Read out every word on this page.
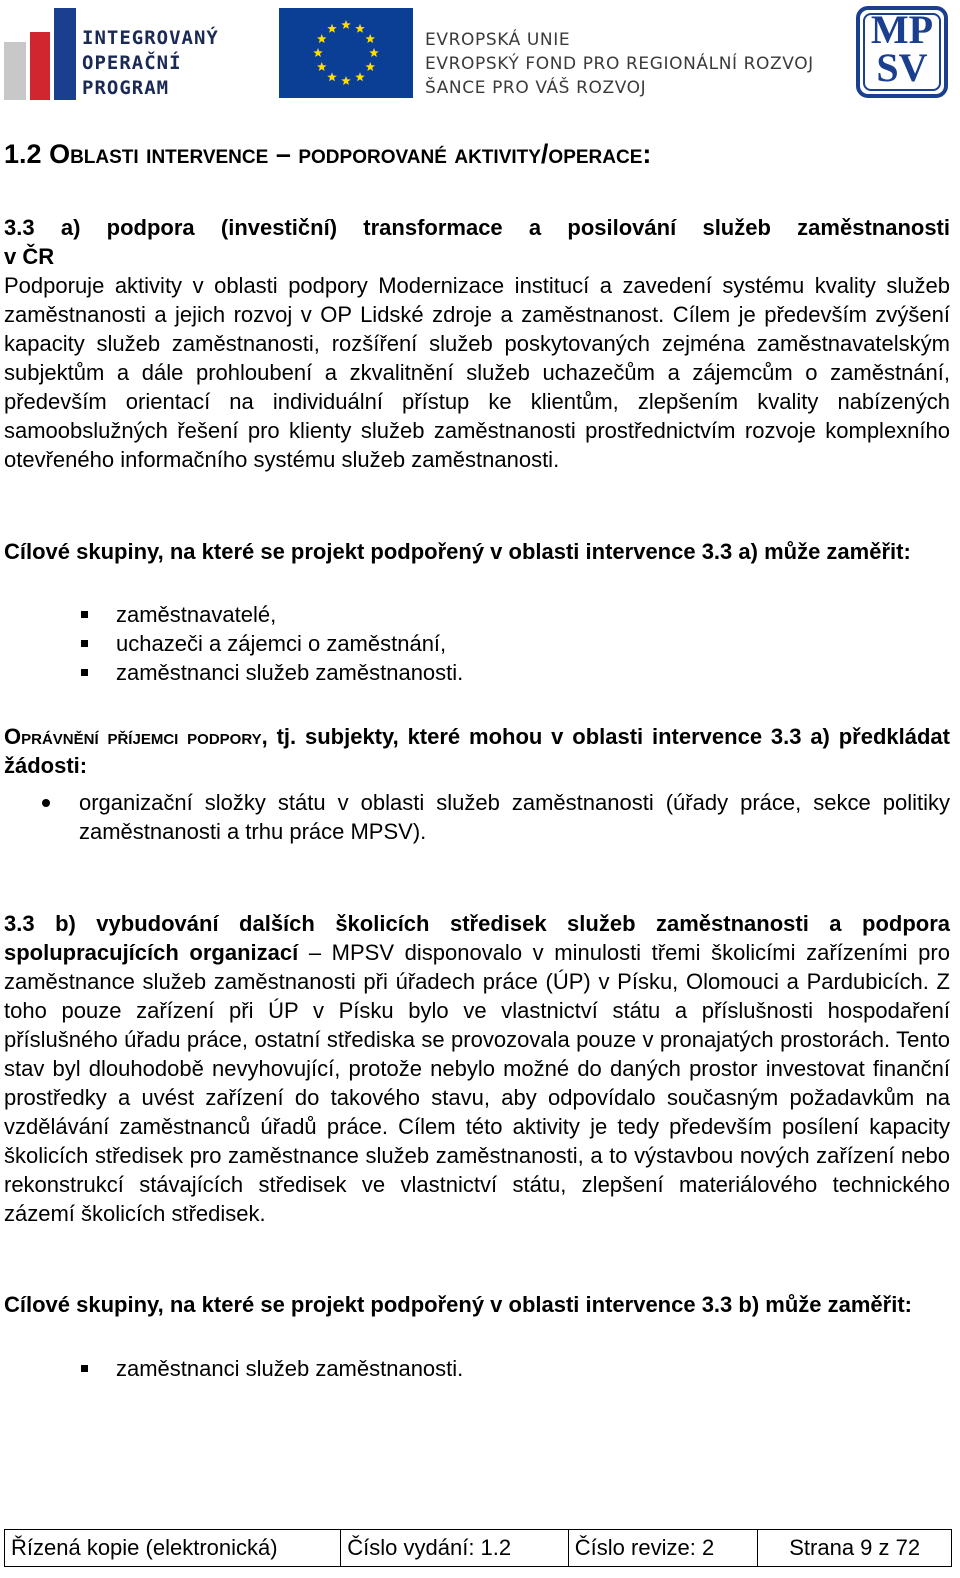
INTEGROVANÝ
OPERAČNÍ
PROGRAM
EVROPSKÁ UNIE
EVROPSKÝ FOND PRO REGIONÁLNÍ ROZVOJ
ŠANCE PRO VÁŠ ROZVOJ
MP
SV
1.2 Oblasti intervence – podporované aktivity/operace:
3.3 a) podpora (investiční) transformace a posilování služeb zaměstnanosti
v ČR
Podporuje aktivity v oblasti podpory Modernizace institucí a zavedení systému kvality služeb zaměstnanosti a jejich rozvoj v OP Lidské zdroje a zaměstnanost. Cílem je především zvýšení kapacity služeb zaměstnanosti, rozšíření služeb poskytovaných zejména zaměstnavatelským subjektům a dále prohloubení a zkvalitnění služeb uchazečům a zájemcům o zaměstnání, především orientací na individuální přístup ke klientům, zlepšením kvality nabízených samoobslužných řešení pro klienty služeb zaměstnanosti prostřednictvím rozvoje komplexního otevřeného informačního systému služeb zaměstnanosti.
Cílové skupiny, na které se projekt podpořený v oblasti intervence 3.3 a) může zaměřit:
zaměstnavatelé,
uchazeči a zájemci o zaměstnání,
zaměstnanci služeb zaměstnanosti.
Oprávnění příjemci podpory, tj. subjekty, které mohou v oblasti intervence 3.3 a) předkládat žádosti:
organizační složky státu v oblasti služeb zaměstnanosti (úřady práce, sekce politiky zaměstnanosti a trhu práce MPSV).
3.3 b) vybudování dalších školicích středisek služeb zaměstnanosti a podpora spolupracujících organizací – MPSV disponovalo v minulosti třemi školicími zařízeními pro zaměstnance služeb zaměstnanosti při úřadech práce (ÚP) v Písku, Olomouci a Pardubicích. Z toho pouze zařízení při ÚP v Písku bylo ve vlastnictví státu a příslušnosti hospodaření příslušného úřadu práce, ostatní střediska se provozovala pouze v pronajatých prostorách. Tento stav byl dlouhodobě nevyhovující, protože nebylo možné do daných prostor investovat finanční prostředky a uvést zařízení do takového stavu, aby odpovídalo současným požadavkům na vzdělávání zaměstnanců úřadů práce. Cílem této aktivity je tedy především posílení kapacity školicích středisek pro zaměstnance služeb zaměstnanosti, a to výstavbou nových zařízení nebo rekonstrukcí stávajících středisek ve vlastnictví státu, zlepšení materiálového technického zázemí školicích středisek.
Cílové skupiny, na které se projekt podpořený v oblasti intervence 3.3 b) může zaměřit:
zaměstnanci služeb zaměstnanosti.
Řízená kopie (elektronická)	Číslo vydání: 1.2	Číslo revize: 2	Strana 9 z 72
